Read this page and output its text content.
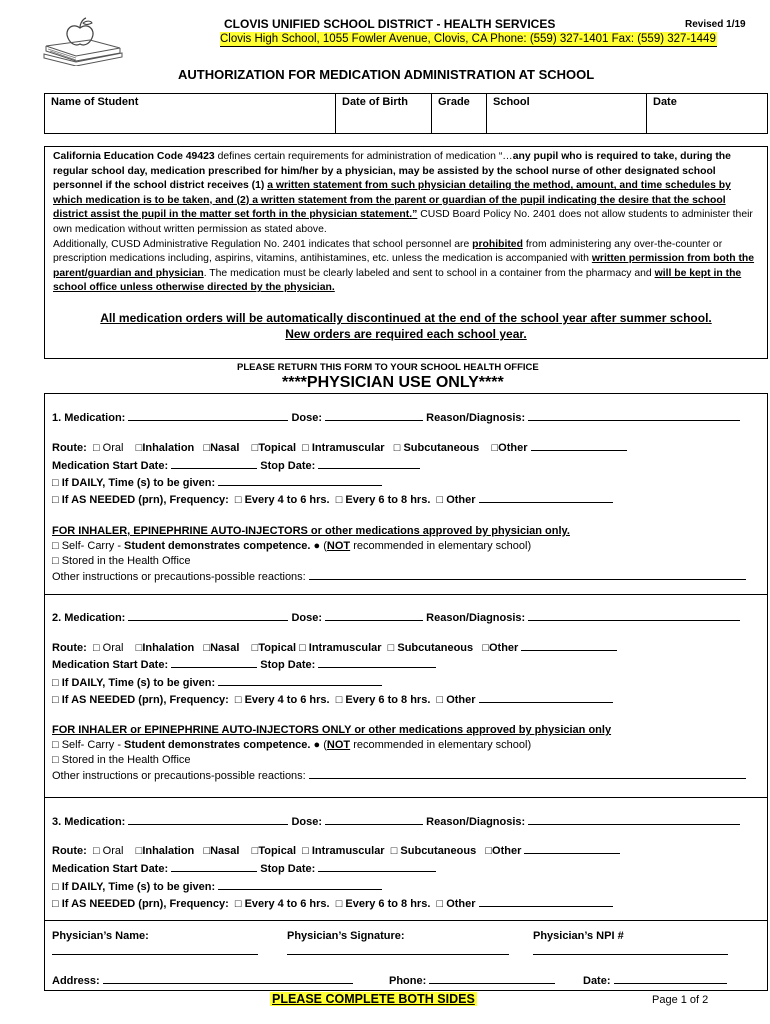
CLOVIS UNIFIED SCHOOL DISTRICT - HEALTH SERVICES	Revised 1/19
Clovis High School, 1055 Fowler Avenue, Clovis, CA Phone: (559) 327-1401 Fax: (559) 327-1449
AUTHORIZATION FOR MEDICATION ADMINISTRATION AT SCHOOL
Name of Student	Date of Birth	Grade	School	Date
California Education Code 49423 defines certain requirements for administration of medication “…any pupil who is required to take, during the regular school day, medication prescribed for him/her by a physician, may be assisted by the school nurse of other designated school personnel if the school district receives (1) a written statement from such physician detailing the method, amount, and time schedules by which medication is to be taken, and (2) a written statement from the parent or guardian of the pupil indicating the desire that the school district assist the pupil in the matter set forth in the physician statement.” CUSD Board Policy No. 2401 does not allow students to administer their own medication without written permission as stated above.
Additionally, CUSD Administrative Regulation No. 2401 indicates that school personnel are prohibited from administering any over-the-counter or prescription medications including, aspirins, vitamins, antihistamines, etc. unless the medication is accompanied with written permission from both the parent/guardian and physician. The medication must be clearly labeled and sent to school in a container from the pharmacy and will be kept in the school office unless otherwise directed by the physician.
All medication orders will be automatically discontinued at the end of the school year after summer school.
New orders are required each school year.
PLEASE RETURN THIS FORM TO YOUR SCHOOL HEALTH OFFICE
****PHYSICIAN USE ONLY****
1. Medication:	Dose:	Reason/Diagnosis:
Route: □ Oral □Inhalation □Nasal □Topical □ Intramuscular □ Subcutaneous □Other
Medication Start Date:	Stop Date:
□ If DAILY, Time (s) to be given:
□ If AS NEEDED (prn), Frequency: □ Every 4 to 6 hrs. □ Every 6 to 8 hrs. □ Other
FOR INHALER, EPINEPHRINE AUTO-INJECTORS or other medications approved by physician only.
□ Self- Carry - Student demonstrates competence. ● (NOT recommended in elementary school)
□ Stored in the Health Office
Other instructions or precautions-possible reactions:
2. Medication:	Dose:	Reason/Diagnosis:
Route: □ Oral □Inhalation □Nasal □Topical □ Intramuscular □ Subcutaneous □Other
Medication Start Date:	Stop Date:
□ If DAILY, Time (s) to be given:
□ If AS NEEDED (prn), Frequency: □ Every 4 to 6 hrs. □ Every 6 to 8 hrs. □ Other
FOR INHALER or EPINEPHRINE AUTO-INJECTORS ONLY or other medications approved by physician only
□ Self- Carry - Student demonstrates competence. ● (NOT recommended in elementary school)
□ Stored in the Health Office
Other instructions or precautions-possible reactions:
3. Medication:	Dose:	Reason/Diagnosis:
Route: □ Oral □Inhalation □Nasal □Topical □ Intramuscular □ Subcutaneous □Other
Medication Start Date:	Stop Date:
□ If DAILY, Time (s) to be given:
□ If AS NEEDED (prn), Frequency: □ Every 4 to 6 hrs. □ Every 6 to 8 hrs. □ Other
Physician’s Name:	Physician’s Signature:	Physician’s NPI #
Address:	Phone:	Date:
PLEASE COMPLETE BOTH SIDES	Page 1 of 2
